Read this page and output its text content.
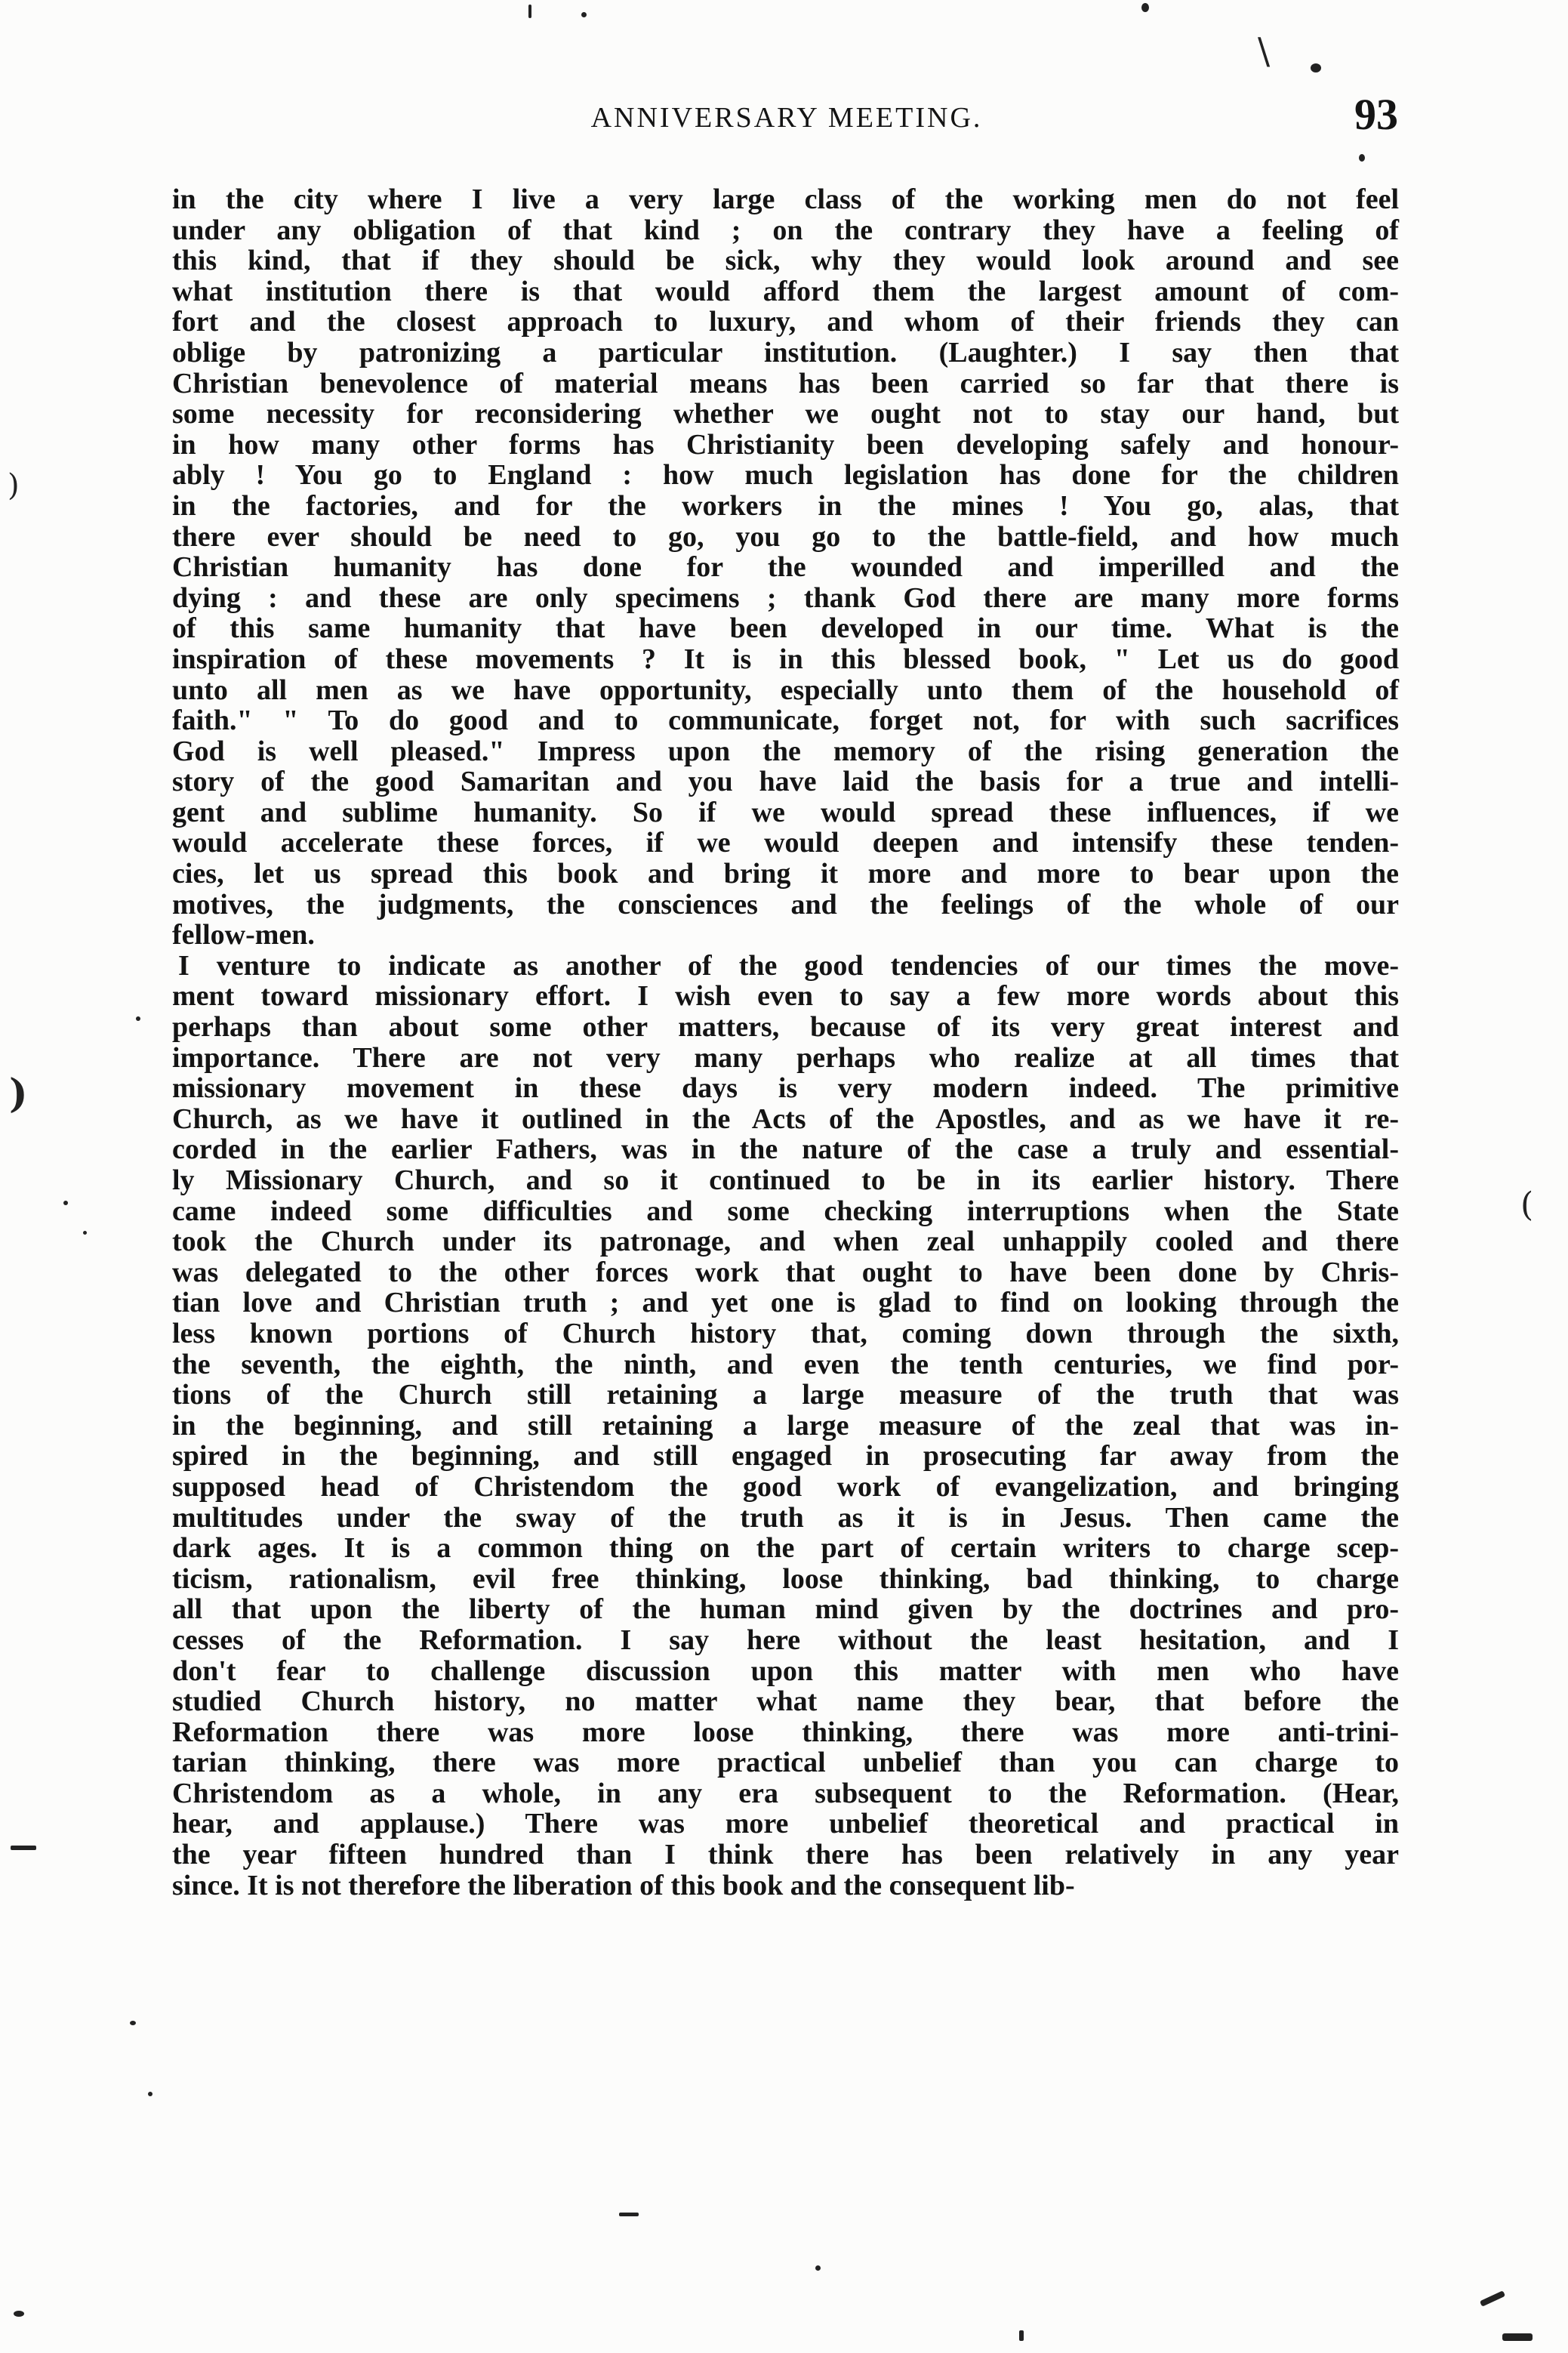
ANNIVERSARY MEETING.	93
in the city where I live a very large class of the working men do not feel
under any obligation of that kind ; on the contrary they have a feeling of
this kind, that if they should be sick, why they would look around and see
what institution there is that would afford them the largest amount of com-
fort and the closest approach to luxury, and whom of their friends they can
oblige by patronizing a particular institution. (Laughter.) I say then that
Christian benevolence of material means has been carried so far that there is
some necessity for reconsidering whether we ought not to stay our hand, but
in how many other forms has Christianity been developing safely and honour-
ably ! You go to England : how much legislation has done for the children
in the factories, and for the workers in the mines ! You go, alas, that
there ever should be need to go, you go to the battle-field, and how much
Christian humanity has done for the wounded and imperilled and the
dying : and these are only specimens ; thank God there are many more forms
of this same humanity that have been developed in our time. What is the
inspiration of these movements ? It is in this blessed book, " Let us do good
unto all men as we have opportunity, especially unto them of the household of
faith." " To do good and to communicate, forget not, for with such sacrifices
God is well pleased." Impress upon the memory of the rising generation the
story of the good Samaritan and you have laid the basis for a true and intelli-
gent and sublime humanity. So if we would spread these influences, if we
would accelerate these forces, if we would deepen and intensify these tenden-
cies, let us spread this book and bring it more and more to bear upon the
motives, the judgments, the consciences and the feelings of the whole of our
fellow-men.
I venture to indicate as another of the good tendencies of our times the move-
ment toward missionary effort. I wish even to say a few more words about this
perhaps than about some other matters, because of its very great interest and
importance. There are not very many perhaps who realize at all times that
missionary movement in these days is very modern indeed. The primitive
Church, as we have it outlined in the Acts of the Apostles, and as we have it re-
corded in the earlier Fathers, was in the nature of the case a truly and essential-
ly Missionary Church, and so it continued to be in its earlier history. There
came indeed some difficulties and some checking interruptions when the State
took the Church under its patronage, and when zeal unhappily cooled and there
was delegated to the other forces work that ought to have been done by Chris-
tian love and Christian truth ; and yet one is glad to find on looking through the
less known portions of Church history that, coming down through the sixth,
the seventh, the eighth, the ninth, and even the tenth centuries, we find por-
tions of the Church still retaining a large measure of the truth that was
in the beginning, and still retaining a large measure of the zeal that was in-
spired in the beginning, and still engaged in prosecuting far away from the
supposed head of Christendom the good work of evangelization, and bringing
multitudes under the sway of the truth as it is in Jesus. Then came the
dark ages. It is a common thing on the part of certain writers to charge scep-
ticism, rationalism, evil free thinking, loose thinking, bad thinking, to charge
all that upon the liberty of the human mind given by the doctrines and pro-
cesses of the Reformation. I say here without the least hesitation, and I
don't fear to challenge discussion upon this matter with men who have
studied Church history, no matter what name they bear, that before the
Reformation there was more loose thinking, there was more anti-trini-
tarian thinking, there was more practical unbelief than you can charge to
Christendom as a whole, in any era subsequent to the Reformation. (Hear,
hear, and applause.) There was more unbelief theoretical and practical in
the year fifteen hundred than I think there has been relatively in any year
since. It is not therefore the liberation of this book and the consequent lib-
\
)
)
(
